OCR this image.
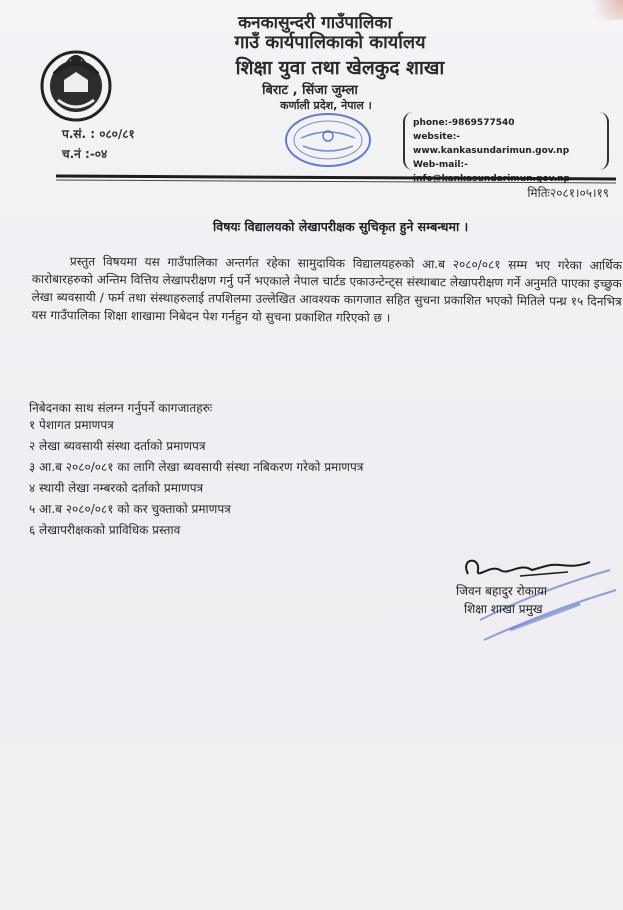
कनकासुन्दरी गाउँपालिका
गाउँ कार्यपालिकाको कार्यालय
शिक्षा युवा तथा खेलकुद शाखा
बिराट , सिंजा जुम्ला
कर्णाली प्रदेश, नेपाल ।
प.सं. : ०८०/८१
च.नं :-०४
phone:-9869577540
website:-www.kankasundarimun.gov.np
Web-mail:-
मितिः२०८१।०५।१९
विषयः विद्यालयको लेखापरीक्षक सुचिकृत हुने सम्बन्धमा ।

प्रस्तुत विषयमा यस गाउँपालिका अन्तर्गत रहेका सामुदायिक विद्यालयहरुको आ.ब २०८०/०८१ सम्म भए गरेका आर्थिक कारोबारहरुको अन्तिम वित्तिय लेखापरीक्षण गर्नु पर्ने भएकाले नेपाल चार्टड एकाउन्टेन्ट्स संस्थाबाट लेखापरीक्षण गर्ने अनुमति पाएका इच्छुक लेखा ब्यवसायी / फर्म तथा संस्थाहरुलाई तपशिलमा उल्लेखित आवश्यक कागजात सहित सुचना प्रकाशित भएको मितिले पन्ध्र १५ दिनभित्र यस गाउँपालिका शिक्षा शाखामा निबेदन पेश गर्नहुन यो सुचना प्रकाशित गरिएको छ ।

निबेदनका साथ संलग्न गर्नुपर्ने कागजातहरुः
१ पेशागत प्रमाणपत्र
२ लेखा ब्यवसायी संस्था दर्ताको प्रमाणपत्र
३ आ.ब २०८०/०८१ का लागि लेखा ब्यवसायी संस्था नबिकरण गरेको प्रमाणपत्र
४ स्थायी लेखा नम्बरको दर्ताको प्रमाणपत्र
५ आ.ब २०८०/०८१ को कर चुक्ताको प्रमाणपत्र
६ लेखापरीक्षकको प्राविधिक प्रस्ताव
जिवन बहादुर रोकाया
शिक्षा शाखा प्रमुख
